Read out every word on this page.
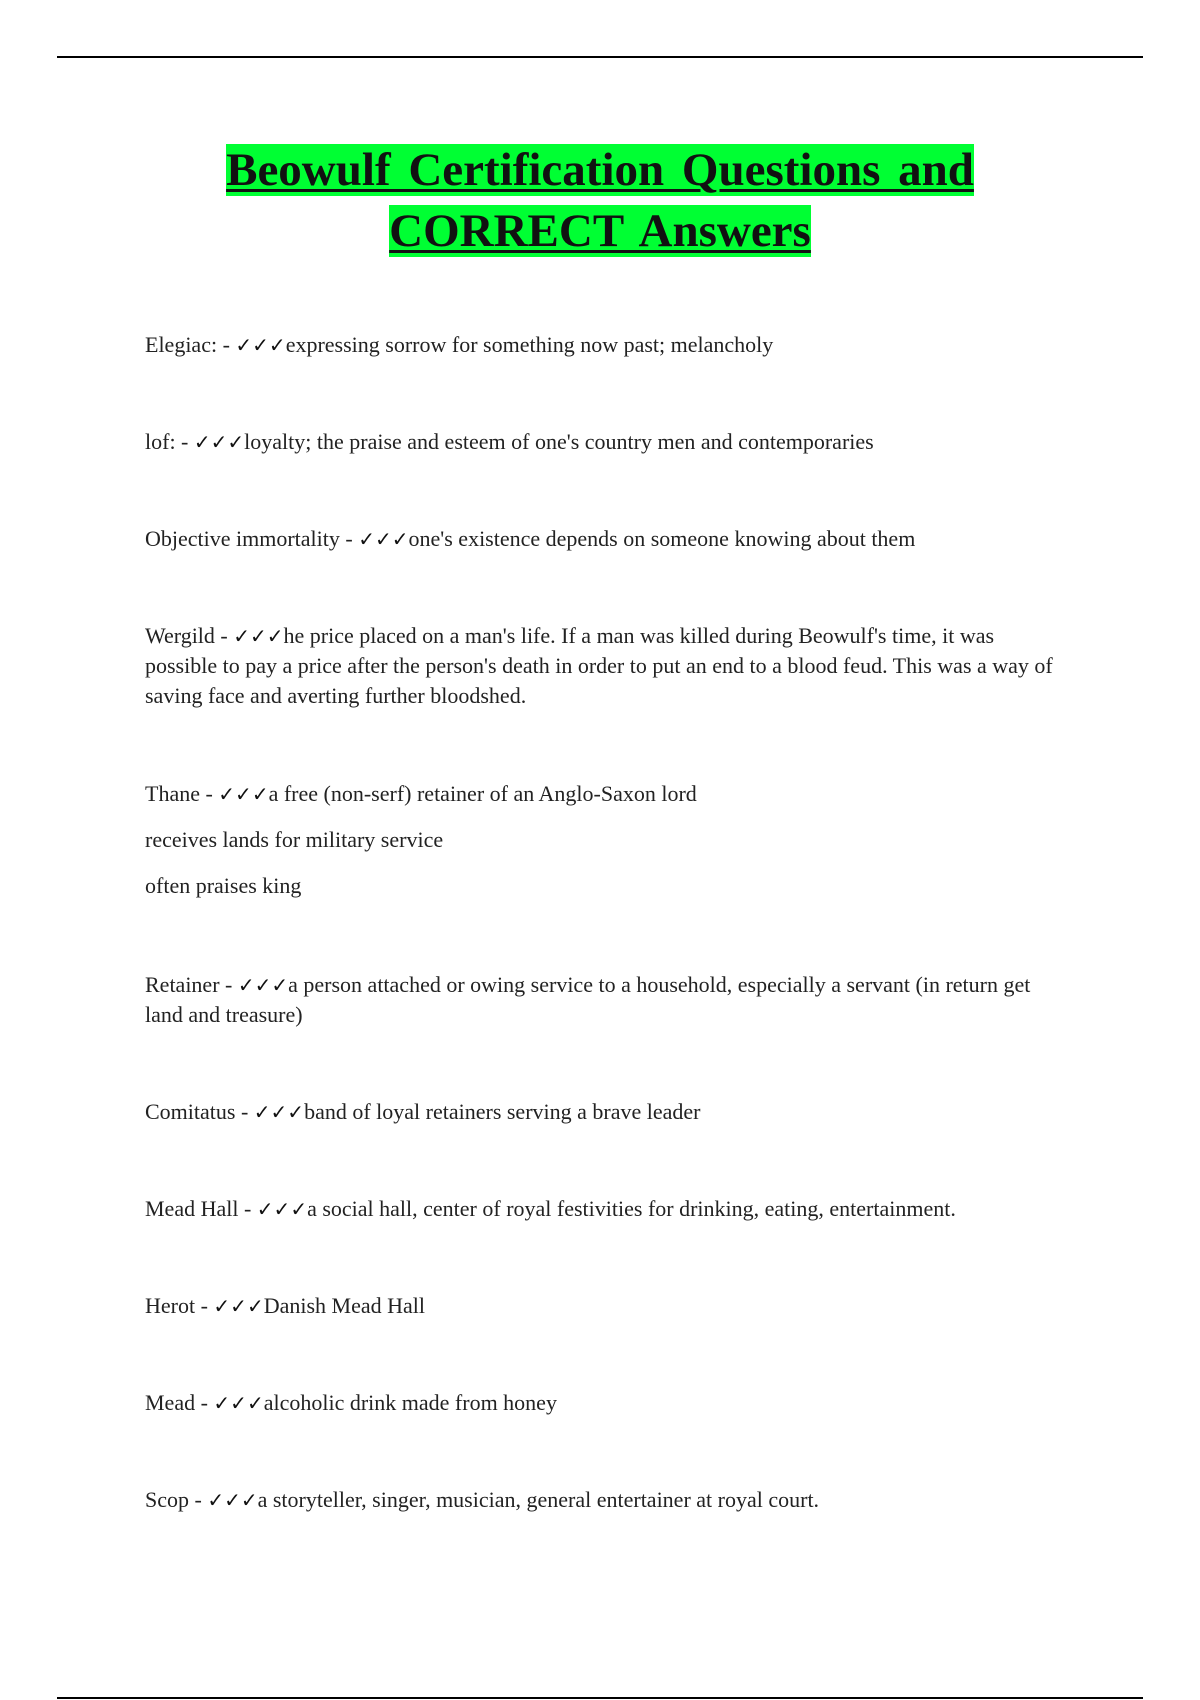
Beowulf Certification Questions and
CORRECT Answers

Elegiac: - ✓✓✓expressing sorrow for something now past; melancholy

lof: - ✓✓✓loyalty; the praise and esteem of one's country men and contemporaries

Objective immortality - ✓✓✓one's existence depends on someone knowing about them

Wergild - ✓✓✓he price placed on a man's life. If a man was killed during Beowulf's time, it was possible to pay a price after the person's death in order to put an end to a blood feud. This was a way of saving face and averting further bloodshed.

Thane - ✓✓✓a free (non-serf) retainer of an Anglo-Saxon lord
receives lands for military service
often praises king

Retainer - ✓✓✓a person attached or owing service to a household, especially a servant (in return get land and treasure)

Comitatus - ✓✓✓band of loyal retainers serving a brave leader

Mead Hall - ✓✓✓a social hall, center of royal festivities for drinking, eating, entertainment.

Herot - ✓✓✓Danish Mead Hall

Mead - ✓✓✓alcoholic drink made from honey

Scop - ✓✓✓a storyteller, singer, musician, general entertainer at royal court.
